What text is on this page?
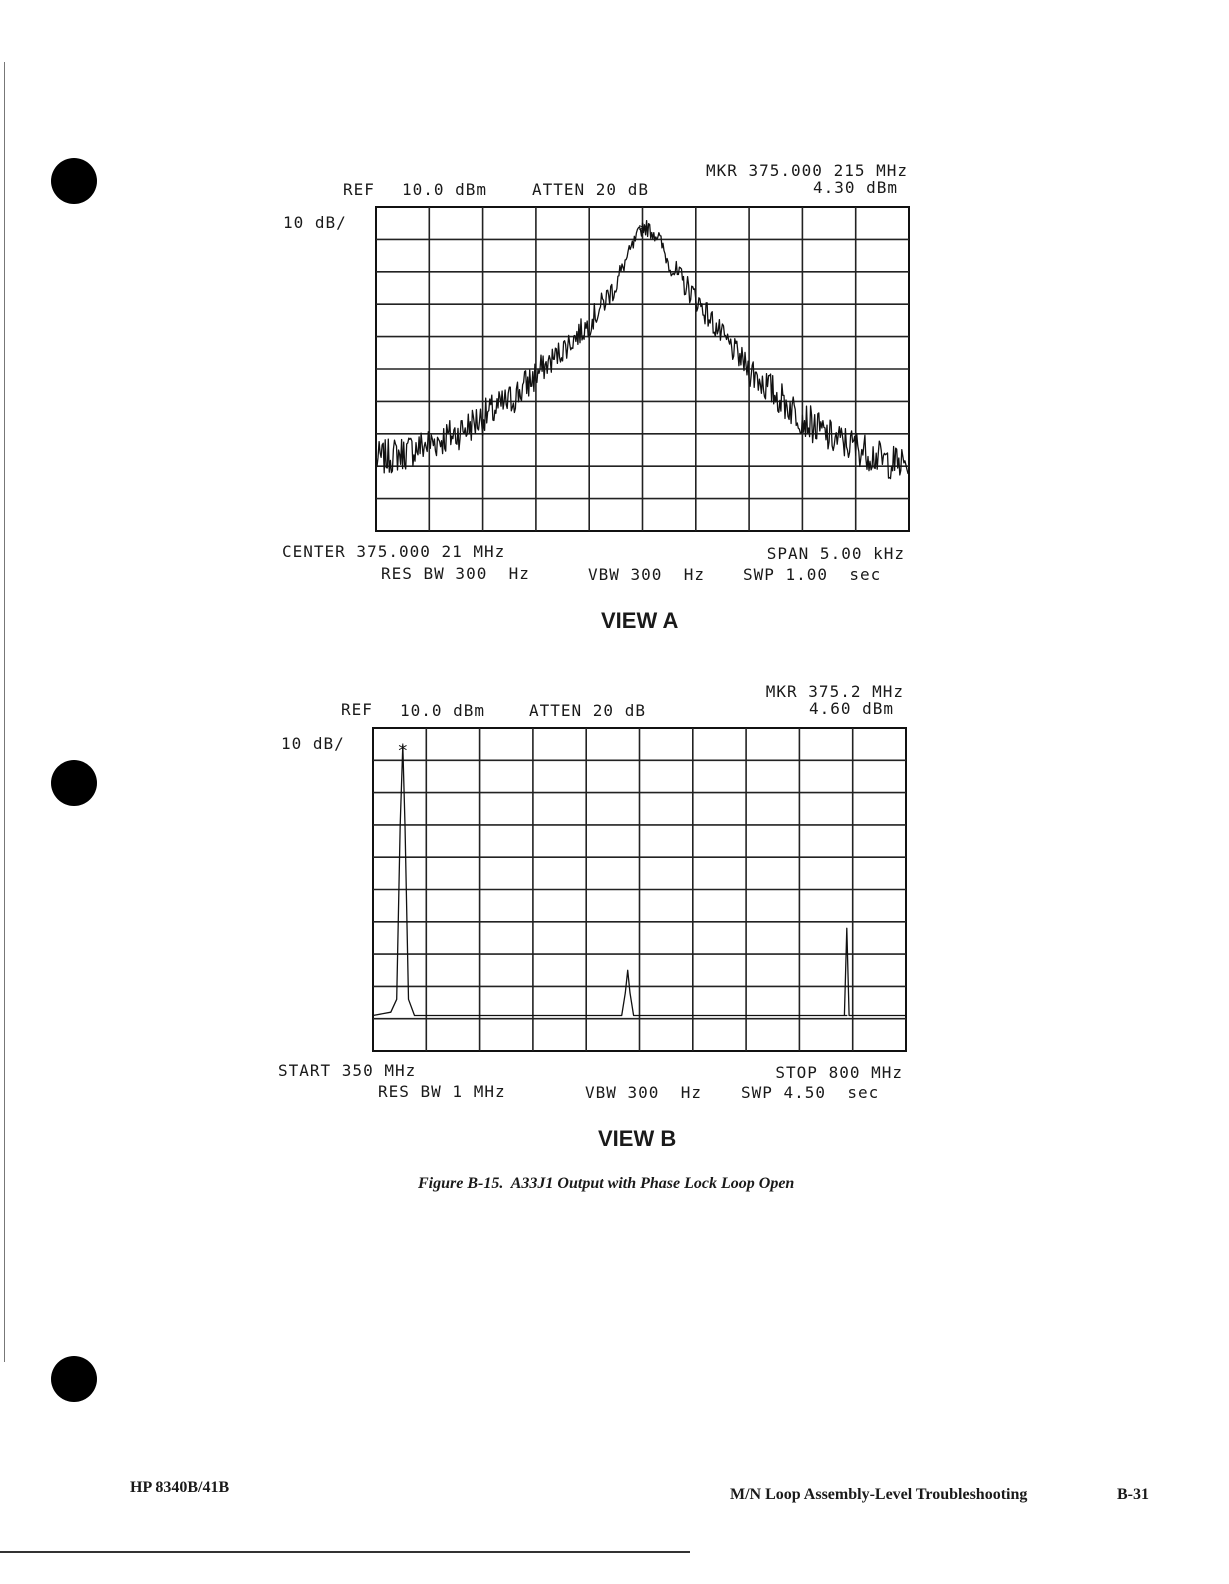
REF 10.0 dBm	ATTEN 20 dB
MKR 375.000 215 MHz
4.30 dBm
10 dB/	*
CENTER 375.000 21 MHz	SPAN 5.00 kHz
RES BW 300  Hz	VBW 300  Hz SWP 1.00  sec
VIEW A
REF 10.0 dBm	ATTEN 20 dB
MKR 375.2 MHz
4.60 dBm
10 dB/	*
START 350 MHz	STOP 800 MHz
RES BW 1 MHz	VBW 300  Hz SWP 4.50  sec
VIEW B
Figure B-15.  A33J1 Output with Phase Lock Loop Open
HP 8340B/41B	M/N Loop Assembly-Level Troubleshooting	B-31
